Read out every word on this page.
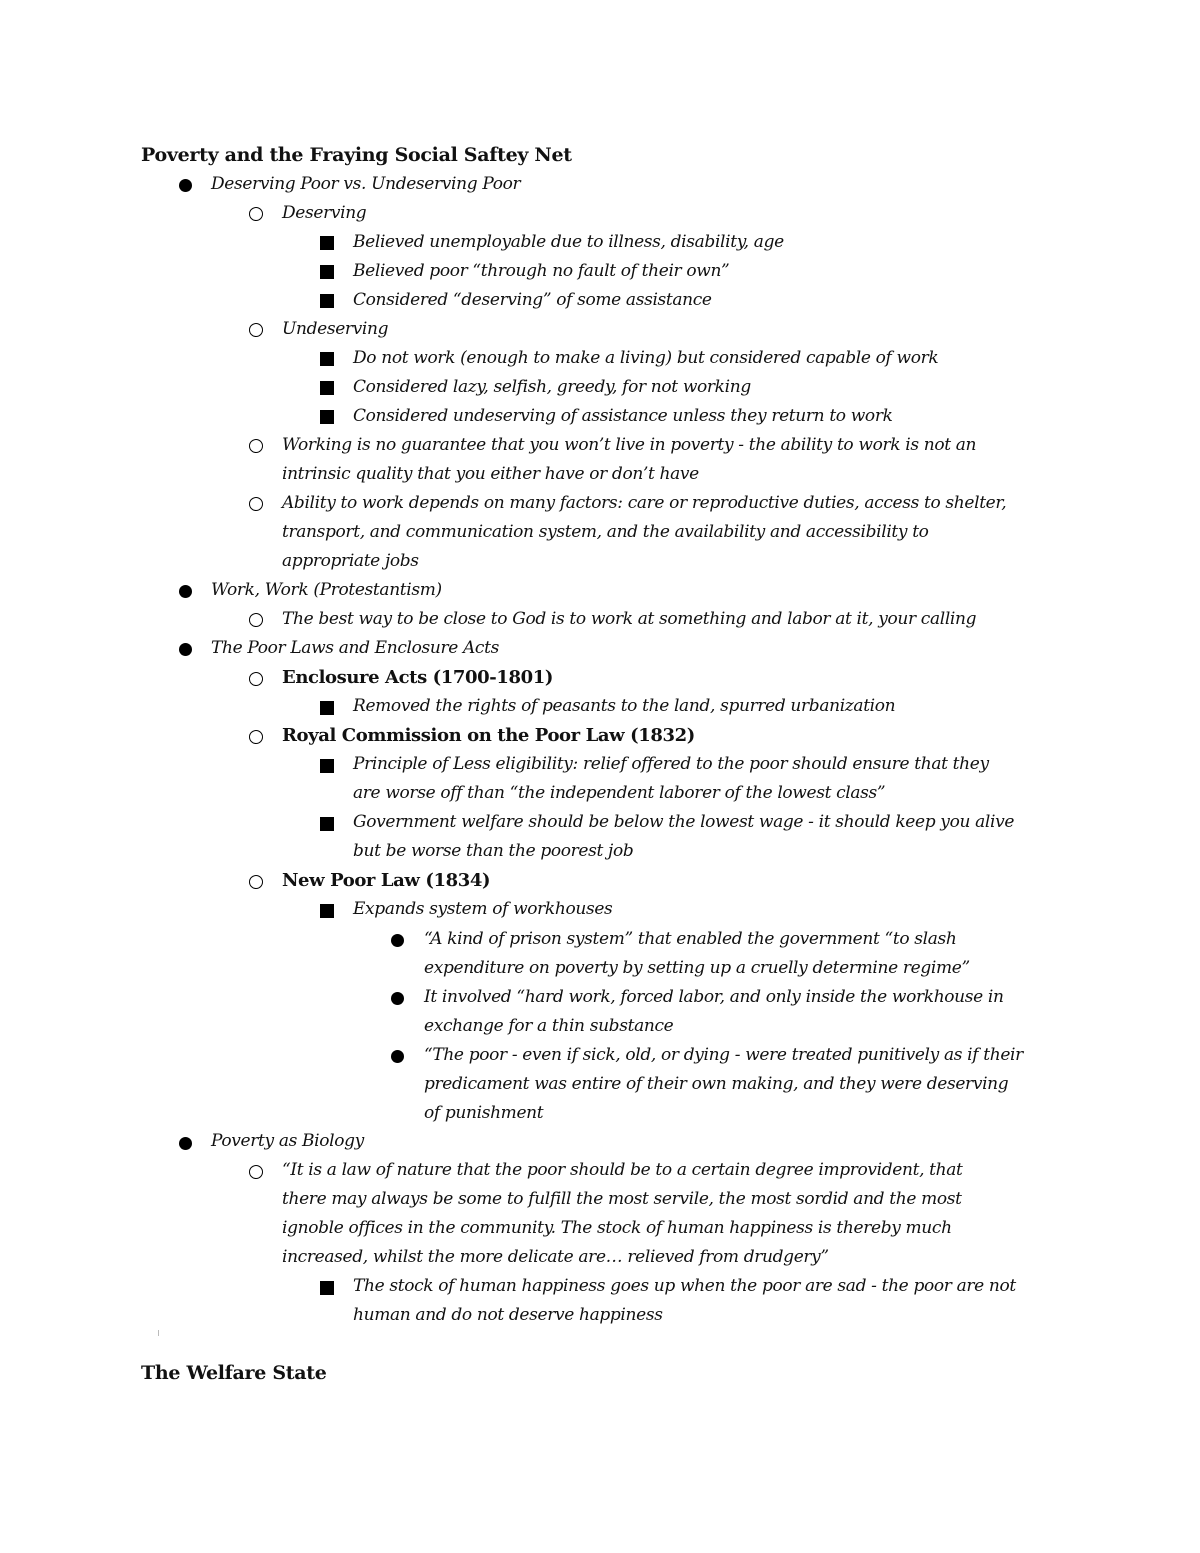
Poverty and the Fraying Social Saftey Net
Deserving Poor vs. Undeserving Poor
Deserving
Believed unemployable due to illness, disability, age
Believed poor “through no fault of their own”
Considered “deserving” of some assistance
Undeserving
Do not work (enough to make a living) but considered capable of work
Considered lazy, selfish, greedy, for not working
Considered undeserving of assistance unless they return to work
Working is no guarantee that you won’t live in poverty - the ability to work is not an
intrinsic quality that you either have or don’t have
Ability to work depends on many factors: care or reproductive duties, access to shelter,
transport, and communication system, and the availability and accessibility to
appropriate jobs
Work, Work (Protestantism)
The best way to be close to God is to work at something and labor at it, your calling
The Poor Laws and Enclosure Acts
Enclosure Acts (1700-1801)
Removed the rights of peasants to the land, spurred urbanization
Royal Commission on the Poor Law (1832)
Principle of Less eligibility: relief offered to the poor should ensure that they
are worse off than “the independent laborer of the lowest class”
Government welfare should be below the lowest wage - it should keep you alive
but be worse than the poorest job
New Poor Law (1834)
Expands system of workhouses
“A kind of prison system” that enabled the government “to slash
expenditure on poverty by setting up a cruelly determine regime”
It involved “hard work, forced labor, and only inside the workhouse in
exchange for a thin substance
“The poor - even if sick, old, or dying - were treated punitively as if their
predicament was entire of their own making, and they were deserving
of punishment
Poverty as Biology
“It is a law of nature that the poor should be to a certain degree improvident, that
there may always be some to fulfill the most servile, the most sordid and the most
ignoble offices in the community. The stock of human happiness is thereby much
increased, whilst the more delicate are… relieved from drudgery”
The stock of human happiness goes up when the poor are sad - the poor are not
human and do not deserve happiness
The Welfare State
